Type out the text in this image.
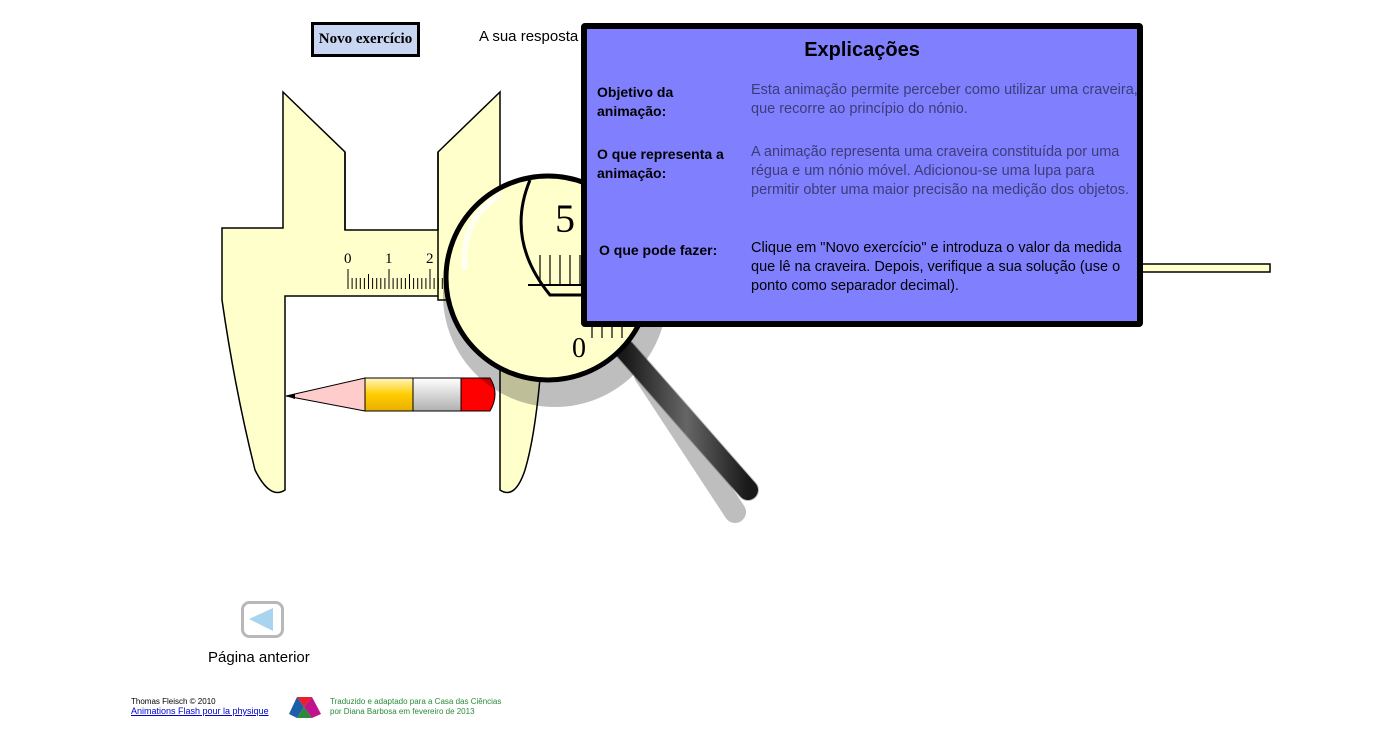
0 1 2
5
0
Novo exercício	A sua resposta
Explicações
Objetivo da animação:
Esta animação permite perceber como utilizar uma craveira, que recorre ao princípio do nónio.
O que representa a animação:
A animação representa uma craveira constituída por uma régua e um nónio móvel. Adicionou-se uma lupa para permitir obter uma maior precisão na medição dos objetos.
O que pode fazer:	Clique em "Novo exercício" e introduza o valor da medida que lê na craveira. Depois, verifique a sua solução (use o ponto como separador decimal).
Página anterior
Thomas Fleisch © 2010
Animations Flash pour la physique
Traduzido e adaptado para a Casa das Ciências
por Diana Barbosa em fevereiro de 2013
